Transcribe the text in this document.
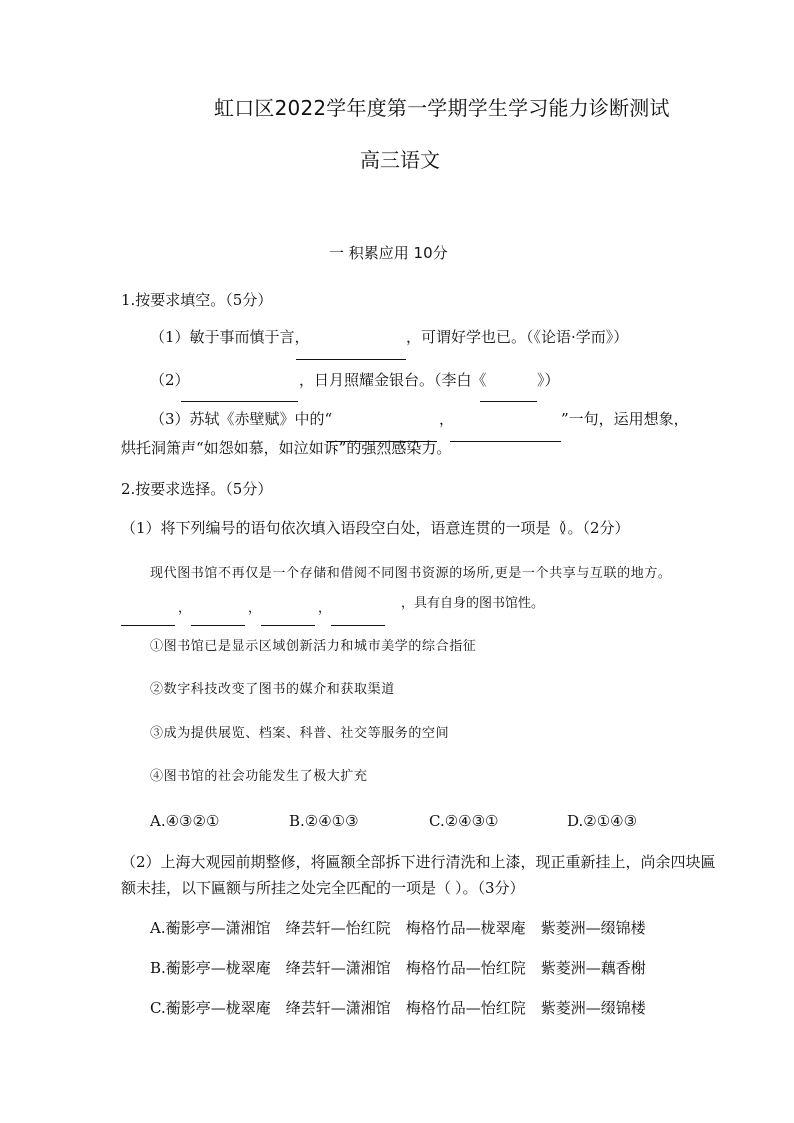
虹口区2022学年度第一学期学生学习能力诊断测试
高三语文
一 积累应用 10分
1.按要求填空。（5分）
（1）敏于事而慎于言，	，可谓好学也已。（《论语·学而》）
（2）	，日月照耀金银台。（李白《	》）
（3）苏轼《赤壁赋》中的“	，	”一句，运用想象，
烘托洞箫声“如怨如慕，如泣如诉”的强烈感染力。
2.按要求选择。（5分）
（1）将下列编号的语句依次填入语段空白处，语意连贯的一项是（
）。（2分）
现代图书馆不再仅是一个存储和借阅不同图书资源的场所,更是一个共享与互联的地方。
，	，	，	，具有自身的图书馆性。
①图书馆已是显示区域创新活力和城市美学的综合指征
②数字科技改变了图书的媒介和获取渠道
③成为提供展览、档案、科普、社交等服务的空间
④图书馆的社会功能发生了极大扩充
A.④③②①	B.②④①③	C.②④③①	D.②①④③
（2）上海大观园前期整修，将匾额全部拆下进行清洗和上漆，现正重新挂上，尚余四块匾
额未挂，以下匾额与所挂之处完全匹配的一项是（ ）。（3分）
A.蘅影亭—潇湘馆　绛芸轩—怡红院　梅格竹品—栊翠庵　紫菱洲—缀锦楼
B.蘅影亭—栊翠庵　绛芸轩—潇湘馆　梅格竹品—怡红院　紫菱洲—藕香榭
C.蘅影亭—栊翠庵　绛芸轩—潇湘馆　梅格竹品—怡红院　紫菱洲—缀锦楼
